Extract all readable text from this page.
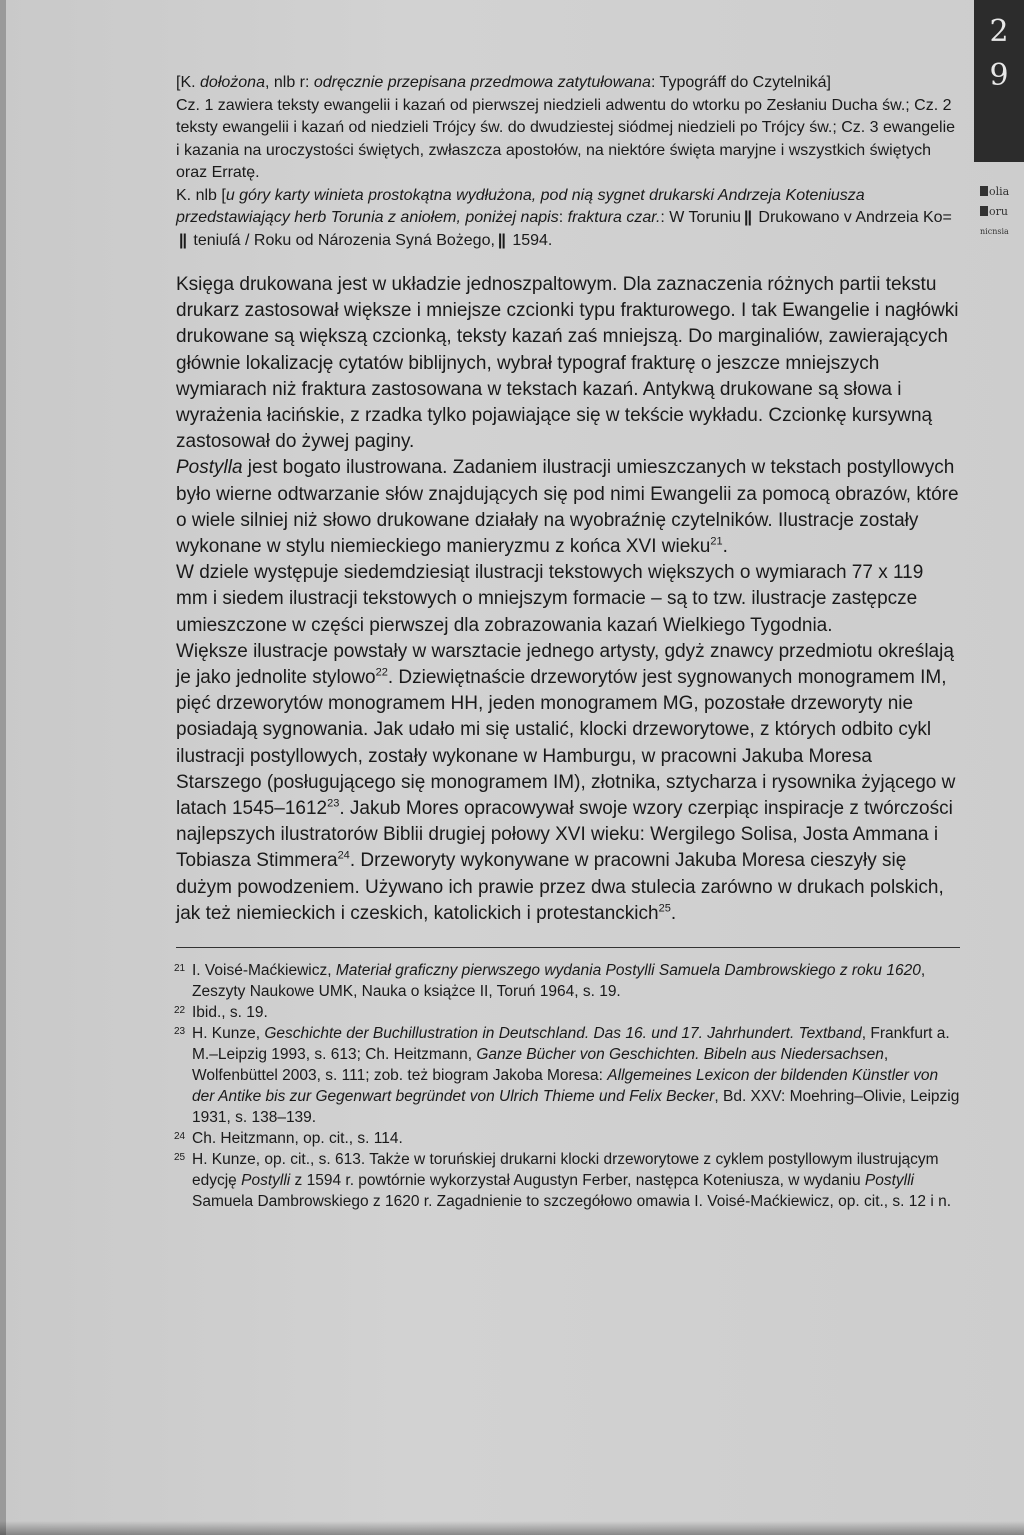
2
9
olia
oru
nicnsia

[K. dołożona, nlb r: odręcznie przepisana przedmowa zatytułowana: Typográff do Czytelniká]

Cz. 1 zawiera teksty ewangelii i kazań od pierwszej niedzieli adwentu do wtorku po Zesłaniu Ducha św.; Cz. 2 teksty ewangelii i kazań od niedzieli Trójcy św. do dwudziestej siódmej niedzieli po Trójcy św.; Cz. 3 ewangelie i kazania na uroczystości świętych, zwłaszcza apostołów, na niektóre święta maryjne i wszystkich świętych oraz Erratę.

K. nlb [u góry karty winieta prostokątna wydłużona, pod nią sygnet drukarski Andrzeja Koteniusza przedstawiający herb Torunia z aniołem, poniżej napis: fraktura czar.: W Toruniu || Drukowano v Andrzeia Ko= || teniuſá / Roku od Nározenia Syná Bożego, || 1594.

Księga drukowana jest w układzie jednoszpaltowym. Dla zaznaczenia różnych partii tekstu drukarz zastosował większe i mniejsze czcionki typu frakturowego. I tak Ewangelie i nagłówki drukowane są większą czcionką, teksty kazań zaś mniejszą. Do marginaliów, zawierających głównie lokalizację cytatów biblijnych, wybrał typograf frakturę o jeszcze mniejszych wymiarach niż fraktura zastosowana w tekstach kazań. Antykwą drukowane są słowa i wyrażenia łacińskie, z rzadka tylko pojawiające się w tekście wykładu. Czcionkę kursywną zastosował do żywej paginy.

Postylla jest bogato ilustrowana. Zadaniem ilustracji umieszczanych w tekstach postyllowych było wierne odtwarzanie słów znajdujących się pod nimi Ewangelii za pomocą obrazów, które o wiele silniej niż słowo drukowane działały na wyobraźnię czytelników. Ilustracje zostały wykonane w stylu niemieckiego manieryzmu z końca XVI wieku$^{21}$.

W dziele występuje siedemdziesiąt ilustracji tekstowych większych o wymiarach 77 x 119 mm i siedem ilustracji tekstowych o mniejszym formacie – są to tzw. ilustracje zastępcze umieszczone w części pierwszej dla zobrazowania kazań Wielkiego Tygodnia.

Większe ilustracje powstały w warsztacie jednego artysty, gdyż znawcy przedmiotu określają je jako jednolite stylowo$^{22}$. Dziewiętnaście drzeworytów jest sygnowanych monogramem IM, pięć drzeworytów monogramem HH, jeden monogramem MG, pozostałe drzeworyty nie posiadają sygnowania. Jak udało mi się ustalić, klocki drzeworytowe, z których odbito cykl ilustracji postyllowych, zostały wykonane w Hamburgu, w pracowni Jakuba Moresa Starszego (posługującego się monogramem IM), złotnika, sztycharza i rysownika żyjącego w latach 1545–1612$^{23}$. Jakub Mores opracowywał swoje wzory czerpiąc inspiracje z twórczości najlepszych ilustratorów Biblii drugiej połowy XVI wieku: Wergilego Solisa, Josta Ammana i Tobiasza Stimmera$^{24}$. Drzeworyty wykonywane w pracowni Jakuba Moresa cieszyły się dużym powodzeniem. Używano ich prawie przez dwa stulecia zarówno w drukach polskich, jak też niemieckich i czeskich, katolickich i protestanckich$^{25}$.

21 I. Voisé-Maćkiewicz, Materiał graficzny pierwszego wydania Postylli Samuela Dambrowskiego z roku 1620, Zeszyty Naukowe UMK, Nauka o książce II, Toruń 1964, s. 19.
22 Ibid., s. 19.
23 H. Kunze, Geschichte der Buchillustration in Deutschland. Das 16. und 17. Jahrhundert. Textband, Frankfurt a. M.–Leipzig 1993, s. 613; Ch. Heitzmann, Ganze Bücher von Geschichten. Bibeln aus Niedersachsen, Wolfenbüttel 2003, s. 111; zob. też biogram Jakoba Moresa: Allgemeines Lexicon der bildenden Künstler von der Antike bis zur Gegenwart begründet von Ulrich Thieme und Felix Becker, Bd. XXV: Moehring–Olivie, Leipzig 1931, s. 138–139.
24 Ch. Heitzmann, op. cit., s. 114.
25 H. Kunze, op. cit., s. 613. Także w toruńskiej drukarni klocki drzeworytowe z cyklem postyllowym ilustrującym edycję Postylli z 1594 r. powtórnie wykorzystał Augustyn Ferber, następca Koteniusza, w wydaniu Postylli Samuela Dambrowskiego z 1620 r. Zagadnienie to szczegółowo omawia I. Voisé-Maćkiewicz, op. cit., s. 12 i n.
